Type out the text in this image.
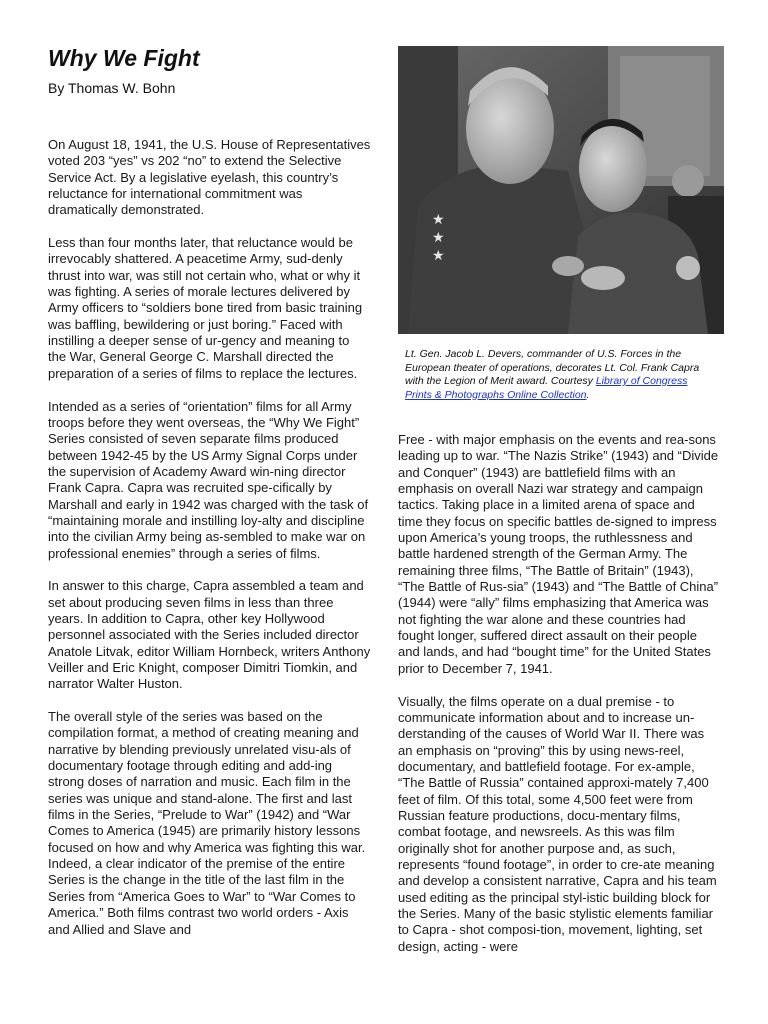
Why We Fight
By Thomas W. Bohn

On August 18, 1941, the U.S. House of Representatives voted 203 “yes” vs 202 “no” to extend the Selective Service Act. By a legislative eyelash, this country’s reluctance for international commitment was dramatically demonstrated.

Less than four months later, that reluctance would be irrevocably shattered. A peacetime Army, sud-denly thrust into war, was still not certain who, what or why it was fighting. A series of morale lectures delivered by Army officers to “soldiers bone tired from basic training was baffling, bewildering or just boring.” Faced with instilling a deeper sense of ur-gency and meaning to the War, General George C. Marshall directed the preparation of a series of films to replace the lectures.

Intended as a series of “orientation” films for all Army troops before they went overseas, the “Why We Fight” Series consisted of seven separate films produced between 1942-45 by the US Army Signal Corps under the supervision of Academy Award win-ning director Frank Capra. Capra was recruited spe-cifically by Marshall and early in 1942 was charged with the task of “maintaining morale and instilling loy-alty and discipline into the civilian Army being as-sembled to make war on professional enemies” through a series of films.

In answer to this charge, Capra assembled a team and set about producing seven films in less than three years. In addition to Capra, other key Hollywood personnel associated with the Series included director Anatole Litvak, editor William Hornbeck, writers Anthony Veiller and Eric Knight, composer Dimitri Tiomkin, and narrator Walter Huston.

The overall style of the series was based on the compilation format, a method of creating meaning and narrative by blending previously unrelated visu-als of documentary footage through editing and add-ing strong doses of narration and music. Each film in the series was unique and stand-alone. The first and last films in the Series, “Prelude to War” (1942) and “War Comes to America (1945) are primarily history lessons focused on how and why America was fighting this war. Indeed, a clear indicator of the premise of the entire Series is the change in the title of the last film in the Series from “America Goes to War” to “War Comes to America.” Both films contrast two world orders - Axis and Allied and Slave and

★
★
★
Lt. Gen. Jacob L. Devers, commander of U.S. Forces in the European theater of operations, decorates Lt. Col. Frank Capra with the Legion of Merit award. Courtesy Library of Congress Prints & Photographs Online Collection.

Free - with major emphasis on the events and rea-sons leading up to war. “The Nazis Strike” (1943) and “Divide and Conquer” (1943) are battlefield films with an emphasis on overall Nazi war strategy and campaign tactics. Taking place in a limited arena of space and time they focus on specific battles de-signed to impress upon America’s young troops, the ruthlessness and battle hardened strength of the German Army. The remaining three films, “The Battle of Britain” (1943), “The Battle of Rus-sia” (1943) and “The Battle of China” (1944) were “ally” films emphasizing that America was not fighting the war alone and these countries had fought longer, suffered direct assault on their people and lands, and had “bought time” for the United States prior to December 7, 1941.

Visually, the films operate on a dual premise - to communicate information about and to increase un-derstanding of the causes of World War II. There was an emphasis on “proving” this by using news-reel, documentary, and battlefield footage. For ex-ample, “The Battle of Russia” contained approxi-mately 7,400 feet of film. Of this total, some 4,500 feet were from Russian feature productions, docu-mentary films, combat footage, and newsreels. As this was film originally shot for another purpose and, as such, represents “found footage”, in order to cre-ate meaning and develop a consistent narrative, Capra and his team used editing as the principal styl-istic building block for the Series. Many of the basic stylistic elements familiar to Capra - shot composi-tion, movement, lighting, set design, acting - were
